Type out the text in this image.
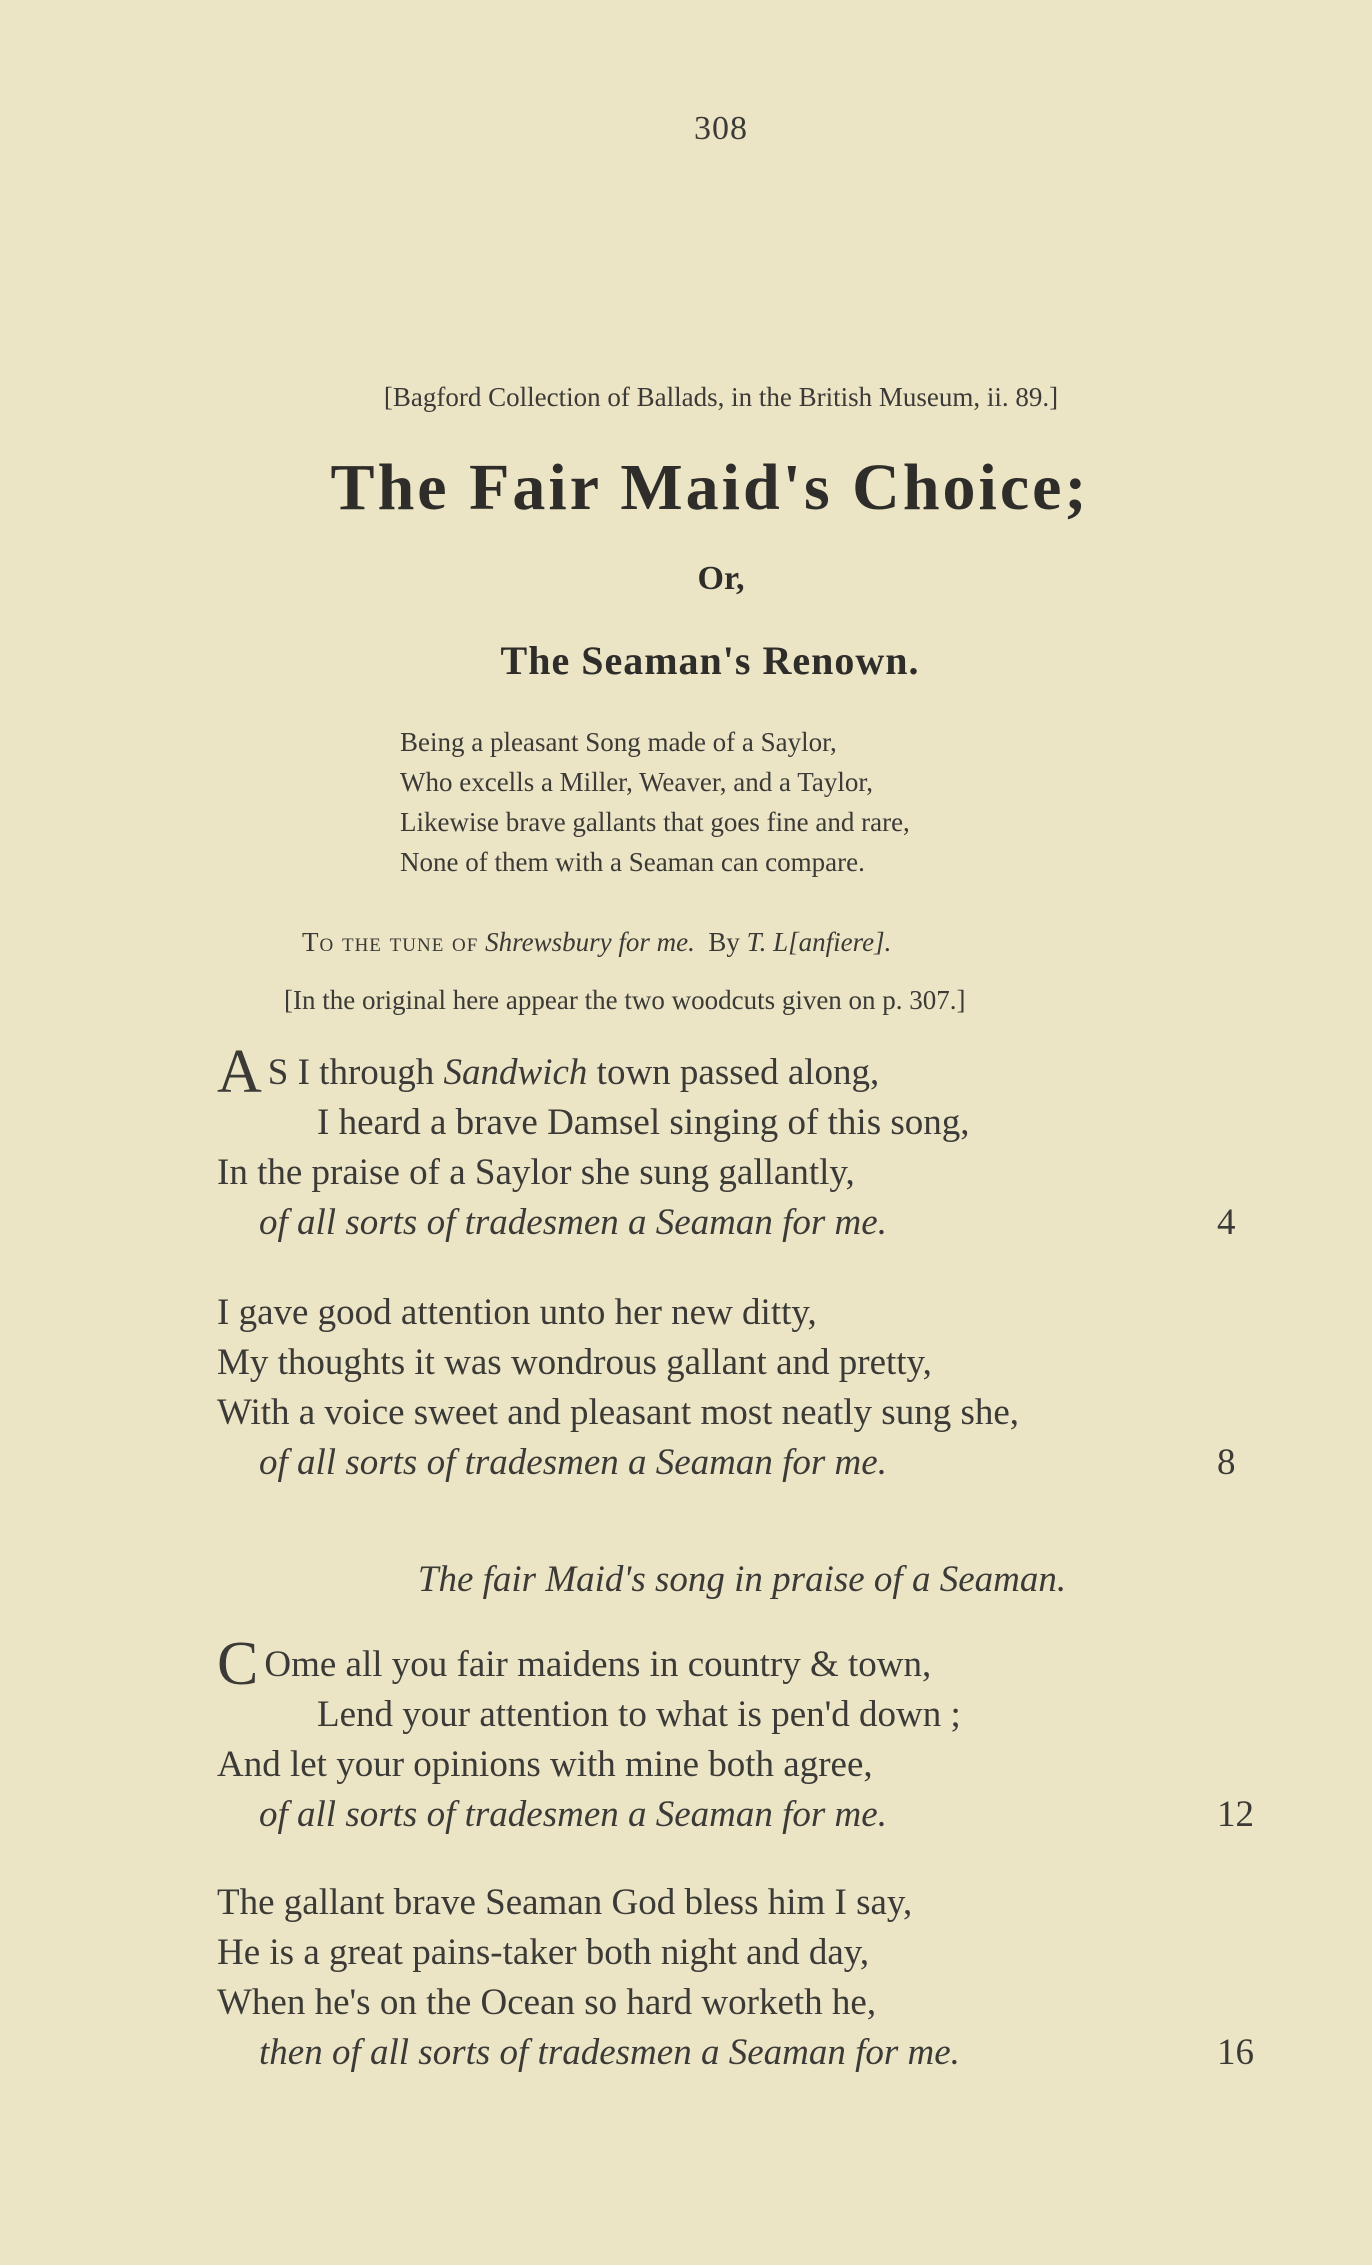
308
[Bagford Collection of Ballads, in the British Museum, ii. 89.]
The Fair Maid's Choice;
Or,
The Seaman's Renown.
Being a pleasant Song made of a Saylor,
Who excells a Miller, Weaver, and a Taylor,
Likewise brave gallants that goes fine and rare,
None of them with a Seaman can compare.
To the tune of Shrewsbury for me. By T. L[anfiere].
[In the original here appear the two woodcuts given on p. 307.]
A S I through Sandwich town passed along,
I heard a brave Damsel singing of this song,
In the praise of a Saylor she sung gallantly,
of all sorts of tradesmen a Seaman for me.	4
I gave good attention unto her new ditty,
My thoughts it was wondrous gallant and pretty,
With a voice sweet and pleasant most neatly sung she,
of all sorts of tradesmen a Seaman for me.	8
The fair Maid's song in praise of a Seaman.
C Ome all you fair maidens in country & town,
Lend your attention to what is pen'd down ;
And let your opinions with mine both agree,
of all sorts of tradesmen a Seaman for me.	12
The gallant brave Seaman God bless him I say,
He is a great pains-taker both night and day,
When he's on the Ocean so hard worketh he,
then of all sorts of tradesmen a Seaman for me.	16
